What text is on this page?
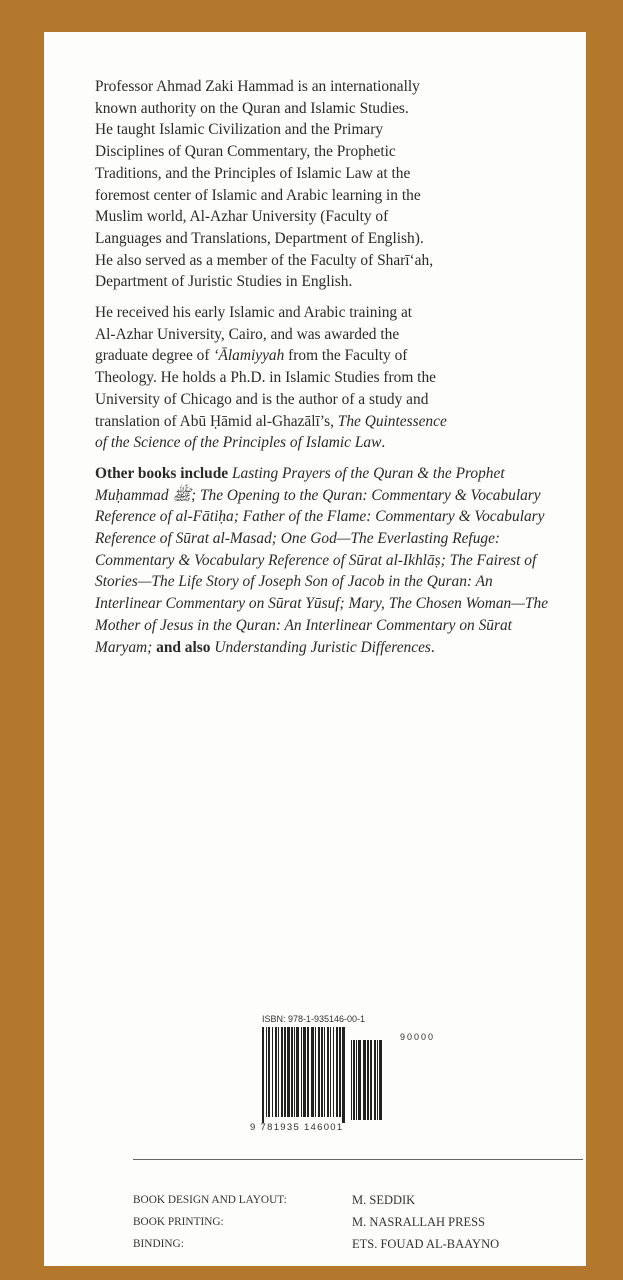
Professor Ahmad Zaki Hammad is an internationally
known authority on the Quran and Islamic Studies.
He taught Islamic Civilization and the Primary
Disciplines of Quran Commentary, the Prophetic
Traditions, and the Principles of Islamic Law at the
foremost center of Islamic and Arabic learning in the
Muslim world, Al-Azhar University (Faculty of
Languages and Translations, Department of English).
He also served as a member of the Faculty of Sharī‘ah,
Department of Juristic Studies in English.
He received his early Islamic and Arabic training at
Al-Azhar University, Cairo, and was awarded the
graduate degree of ‘Ālamiyyah from the Faculty of
Theology. He holds a Ph.D. in Islamic Studies from the
University of Chicago and is the author of a study and
translation of Abū Ḥāmid al-Ghazālī’s, The Quintessence
of the Science of the Principles of Islamic Law.
Other books include Lasting Prayers of the Quran & the Prophet Muḥammad ﷺ; The Opening to the Quran: Commentary & Vocabulary Reference of al-Fātiḥa; Father of the Flame: Commentary & Vocabulary Reference of Sūrat al-Masad; One God—The Everlasting Refuge: Commentary & Vocabulary Reference of Sūrat al-Ikhlāṣ; The Fairest of Stories—The Life Story of Joseph Son of Jacob in the Quran: An Interlinear Commentary on Sūrat Yūsuf; Mary, The Chosen Woman—The Mother of Jesus in the Quran: An Interlinear Commentary on Sūrat Maryam; and also Understanding Juristic Differences.
ISBN: 978-1-935146-00-1
90000
9 781935 146001
BOOK DESIGN AND LAYOUT:	M. SEDDIK
BOOK PRINTING:	M. NASRALLAH PRESS
BINDING:	ETS. FOUAD AL-BAAYNO
